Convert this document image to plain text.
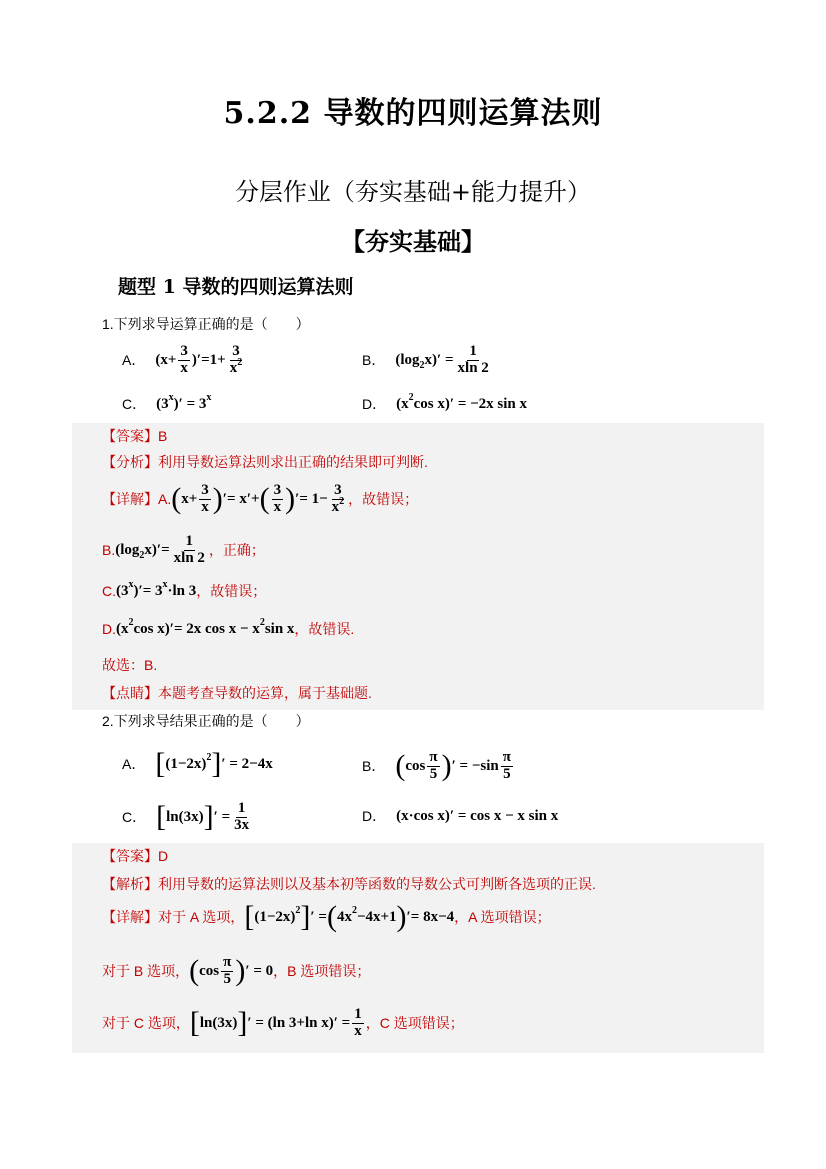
5.2.2 导数的四则运算法则
分层作业（夯实基础+能力提升）
【夯实基础】
题型 1 导数的四则运算法则
1.下列求导运算正确的是（　　）
A． $(x+ \frac{3}{x} )'=1+ \frac{3}{x^2}$	B． (log 2 $x)' = \frac{1}{xln 2}$
C． (3 x )′ = 3 x	D． (x 2 cos x)′ = −2x sin x
【答案】 B
【分析】 利用导数运算法则求出正确的结果即可判断.
【详解】 A. ( $x+ \frac{3}{x}$ ) ′= x′+ ( $\frac{3}{x}$ ) ′= $1- \frac{3}{x^2}$ ，故错误；
B. (log 2 $x)'= \frac{1}{xln 2}$ ，正确；
C. (3 x )′= 3 x ·ln 3 ，故错误；
D. (x 2 cos x)′= 2x cos x − x 2 sin x ，故错误.
故选：B.
【点睛】 本题考查导数的运算，属于基础题.
2.下列求导结果正确的是（　　）
A． [ (1−2x) 2 ] ′ = 2−4x	B． ( $\cos \frac{\pi}{5}$ ) ′ = $-\sin \frac{\pi}{5}$
C． [ ln(3x) ] ′ = $\frac{1}{3x}$	D． (x·cos x)′ = cos x − x sin x
【答案】 D
【解析】 利用导数的运算法则以及基本初等函数的导数公式可判断各选项的正误.
【详解】 对于 A 选项， [ (1−2x) 2 ] ′ = ( 4x 2 −4x+1 ) ′= 8x−4 ，A 选项错误；
对于 B 选项， ( $\cos \frac{\pi}{5}$ ) ′ = 0 ，B 选项错误；
对于 C 选项， [ ln(3x) ] ′ = (ln 3+ln $x)' = \frac{1}{x}$ ，C 选项错误；
